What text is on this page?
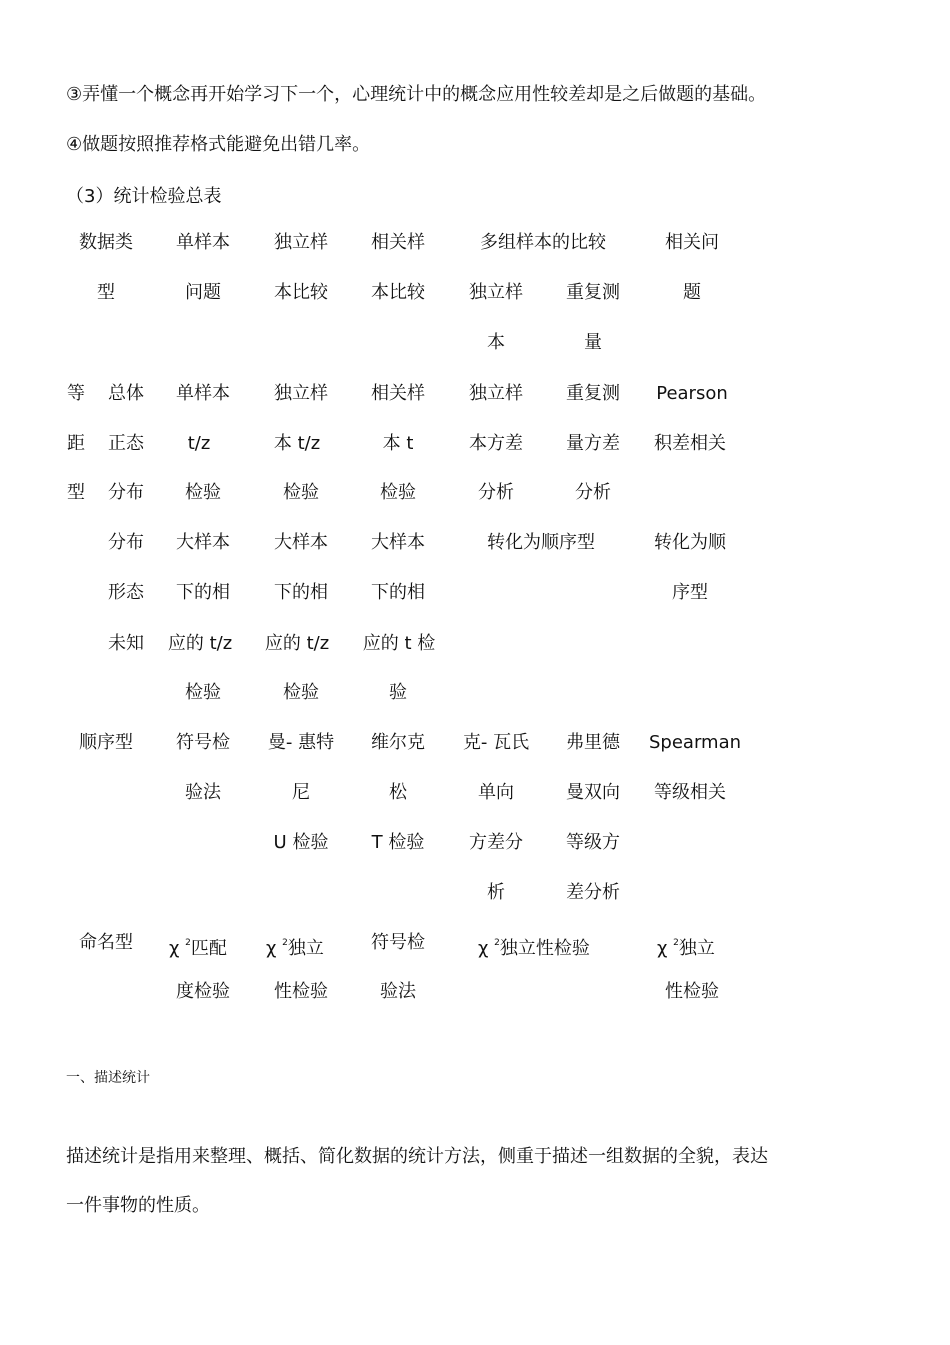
③弄懂一个概念再开始学习下一个，心理统计中的概念应用性较差却是之后做题的基础。
④做题按照推荐格式能避免出错几率。
（3）统计检验总表
数据类
型
单样本
问题
独立样
本比较
相关样
本比较
多组样本的比较
独立样
本
重复测
量
相关问
题
等
距
型
总体
正态
分布
单样本
t/z
检验
独立样
本 t/z
检验
相关样
本 t
检验
独立样
本方差
分析
重复测
量方差
分析
Pearson
积差相关
分布
形态
未知
大样本
下的相
应的 t/z
检验
大样本
下的相
应的 t/z
检验
大样本
下的相
应的 t 检
验
转化为顺序型	转化为顺
序型
顺序型 符号检
验法
曼- 惠特
尼
U 检验
维尔克
松
T 检验
克- 瓦氏
单向
方差分
析
弗里德
曼双向
等级方
差分析
Spearman
等级相关
命名型 χ $^2$匹配
度检验
χ $^2$独立
性检验
符号检
验法
χ $^2$独立性检验	χ $^2$独立
性检验
一、描述统计
描述统计是指用来整理、概括、简化数据的统计方法，侧重于描述一组数据的全貌，表达
一件事物的性质。
